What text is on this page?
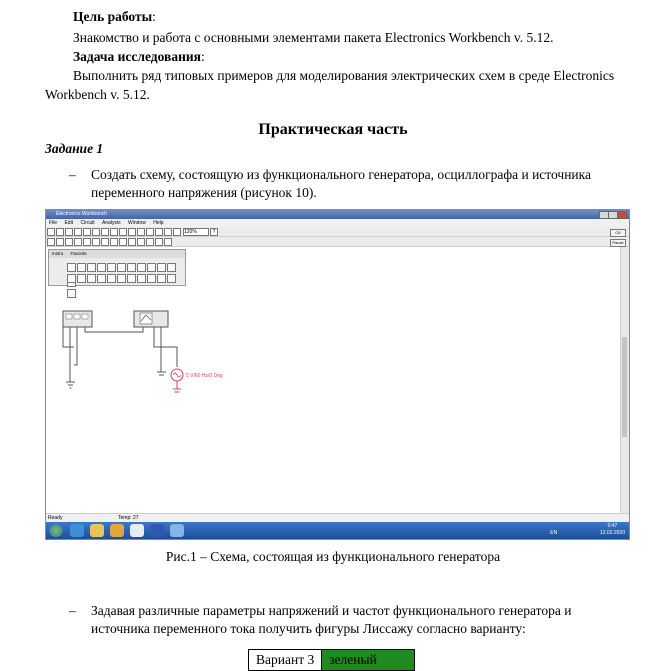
Цель работы:
Знакомство и работа с основными элементами пакета Electronics Workbench v. 5.12.
Задача исследования:
Выполнить ряд типовых примеров для моделирования электрических схем в среде Electronics
Workbench v. 5.12.
Практическая часть
Задание 1
– Создать схему, состоящую из функционального генератора, осциллографа и источника
переменного напряжения (рисунок 10).
Electronics Workbench
File Edit Circuit Analysis Window Help
120%	?
5 V/60 Hz/0 Deg
Instru Favorite
O/I
Pause
Ready	Temp: 27
EN  0:47
12.02.2020
Рис.1 – Схема, состоящая из функционального генератора
– Задавая различные параметры напряжений и частот функционального генератора и
источника переменного тока получить фигуры Лиссажу согласно варианту:
Вариант 3	зеленый
